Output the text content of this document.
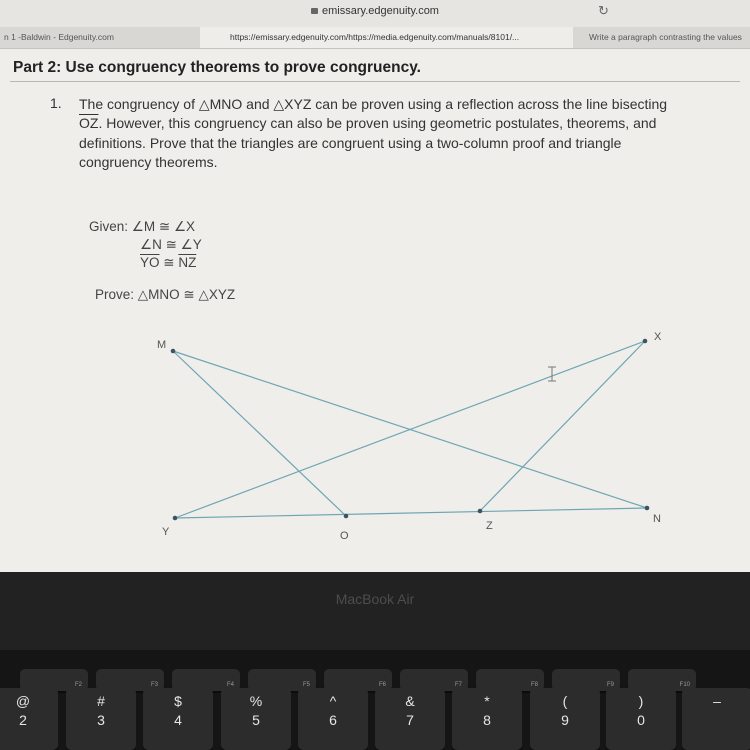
emissary.edgenuity.com	↻
n 1 -Baldwin - Edgenuity.com	https://emissary.edgenuity.com/https://media.edgenuity.com/manuals/8101/...	Write a paragraph contrasting the values
Part 2: Use congruency theorems to prove congruency.
1. The congruency of △MNO and △XYZ can be proven using a reflection across the line bisecting
$\overline{OZ}$. However, this congruency can also be proven using geometric postulates, theorems, and
definitions. Prove that the triangles are congruent using a two-column proof and triangle
congruency theorems.
Given: ∠M ≅ ∠X
∠N ≅ ∠Y
$\overline{YO}$ ≅ $\overline{NZ}$
Prove: △MNO ≅ △XYZ
M
X
Y	O
Z
N
MacBook Air
F2	F3	F4	F5	F6	F7	F8	F9	F10
@
2
#
3
$
4
%
5
^
6
&
7
*
8
(
9
)
0
–
